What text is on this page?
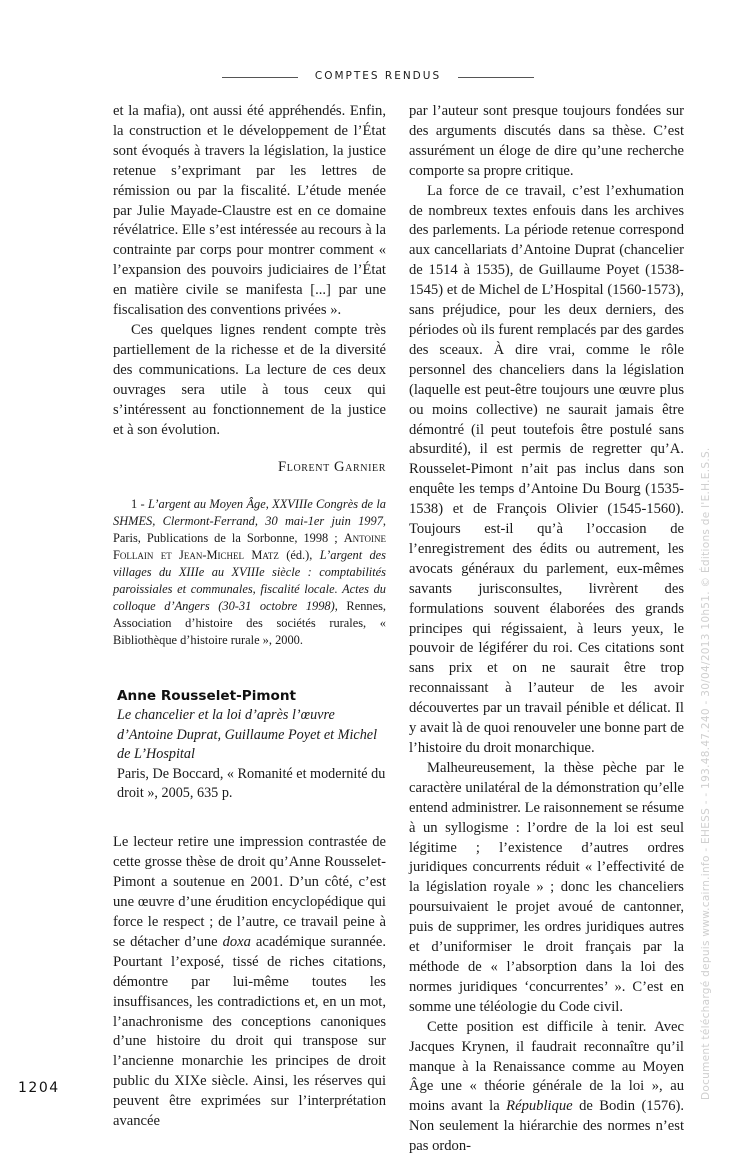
COMPTES RENDUS

et la mafia), ont aussi été appréhendés. Enfin, la construction et le développement de l’État sont évoqués à travers la législation, la justice retenue s’exprimant par les lettres de rémission ou par la fiscalité. L’étude menée par Julie Mayade-Claustre est en ce domaine révélatrice. Elle s’est intéressée au recours à la contrainte par corps pour montrer comment « l’expansion des pouvoirs judiciaires de l’État en matière civile se manifesta [...] par une fiscalisation des conventions privées ».

Ces quelques lignes rendent compte très partiellement de la richesse et de la diversité des communications. La lecture de ces deux ouvrages sera utile à tous ceux qui s’intéressent au fonctionnement de la justice et à son évolution.

Florent Garnier

1 - L’argent au Moyen Âge, XXVIIIe Congrès de la SHMES, Clermont-Ferrand, 30 mai-1er juin 1997, Paris, Publications de la Sorbonne, 1998 ; Antoine Follain et Jean-Michel Matz (éd.), L’argent des villages du XIIIe au XVIIIe siècle : comptabilités paroissiales et communales, fiscalité locale. Actes du colloque d’Angers (30-31 octobre 1998), Rennes, Association d’histoire des sociétés rurales, « Bibliothèque d’histoire rurale », 2000.

Anne Rousselet-Pimont
Le chancelier et la loi d’après l’œuvre d’Antoine Duprat, Guillaume Poyet et Michel de L’Hospital
Paris, De Boccard, « Romanité et modernité du droit », 2005, 635 p.

Le lecteur retire une impression contrastée de cette grosse thèse de droit qu’Anne Rousselet-Pimont a soutenue en 2001. D’un côté, c’est une œuvre d’une érudition encyclopédique qui force le respect ; de l’autre, ce travail peine à se détacher d’une doxa académique surannée. Pourtant l’exposé, tissé de riches citations, démontre par lui-même toutes les insuffisances, les contradictions et, en un mot, l’anachronisme des conceptions canoniques d’une histoire du droit qui transpose sur l’ancienne monarchie les principes de droit public du XIXe siècle. Ainsi, les réserves qui peuvent être exprimées sur l’interprétation avancée

par l’auteur sont presque toujours fondées sur des arguments discutés dans sa thèse. C’est assurément un éloge de dire qu’une recherche comporte sa propre critique.

La force de ce travail, c’est l’exhumation de nombreux textes enfouis dans les archives des parlements. La période retenue correspond aux cancellariats d’Antoine Duprat (chancelier de 1514 à 1535), de Guillaume Poyet (1538-1545) et de Michel de L’Hospital (1560-1573), sans préjudice, pour les deux derniers, des périodes où ils furent remplacés par des gardes des sceaux. À dire vrai, comme le rôle personnel des chanceliers dans la législation (laquelle est peut-être toujours une œuvre plus ou moins collective) ne saurait jamais être démontré (il peut toutefois être postulé sans absurdité), il est permis de regretter qu’A. Rousselet-Pimont n’ait pas inclus dans son enquête les temps d’Antoine Du Bourg (1535-1538) et de François Olivier (1545-1560). Toujours est-il qu’à l’occasion de l’enregistrement des édits ou autrement, les avocats généraux du parlement, eux-mêmes savants jurisconsultes, livrèrent des formulations souvent élaborées des grands principes qui régissaient, à leurs yeux, le pouvoir de légiférer du roi. Ces citations sont sans prix et on ne saurait être trop reconnaissant à l’auteur de les avoir découvertes par un travail pénible et délicat. Il y avait là de quoi renouveler une bonne part de l’histoire du droit monarchique.

Malheureusement, la thèse pèche par le caractère unilatéral de la démonstration qu’elle entend administrer. Le raisonnement se résume à un syllogisme : l’ordre de la loi est seul légitime ; l’existence d’autres ordres juridiques concurrents réduit « l’effectivité de la législation royale » ; donc les chanceliers poursuivaient le projet avoué de cantonner, puis de supprimer, les ordres juridiques autres et d’uniformiser le droit français par la méthode de « l’absorption dans la loi des normes juridiques ‘concurrentes’ ». C’est en somme une téléologie du Code civil.

Cette position est difficile à tenir. Avec Jacques Krynen, il faudrait reconnaître qu’il manque à la Renaissance comme au Moyen Âge une « théorie générale de la loi », au moins avant la République de Bodin (1576). Non seulement la hiérarchie des normes n’est pas ordon-

1204	Document téléchargé depuis www.cairn.info - EHESS - - 193.48.47.240 - 30/04/2013 10h51. © Éditions de l'E.H.E.S.S.
